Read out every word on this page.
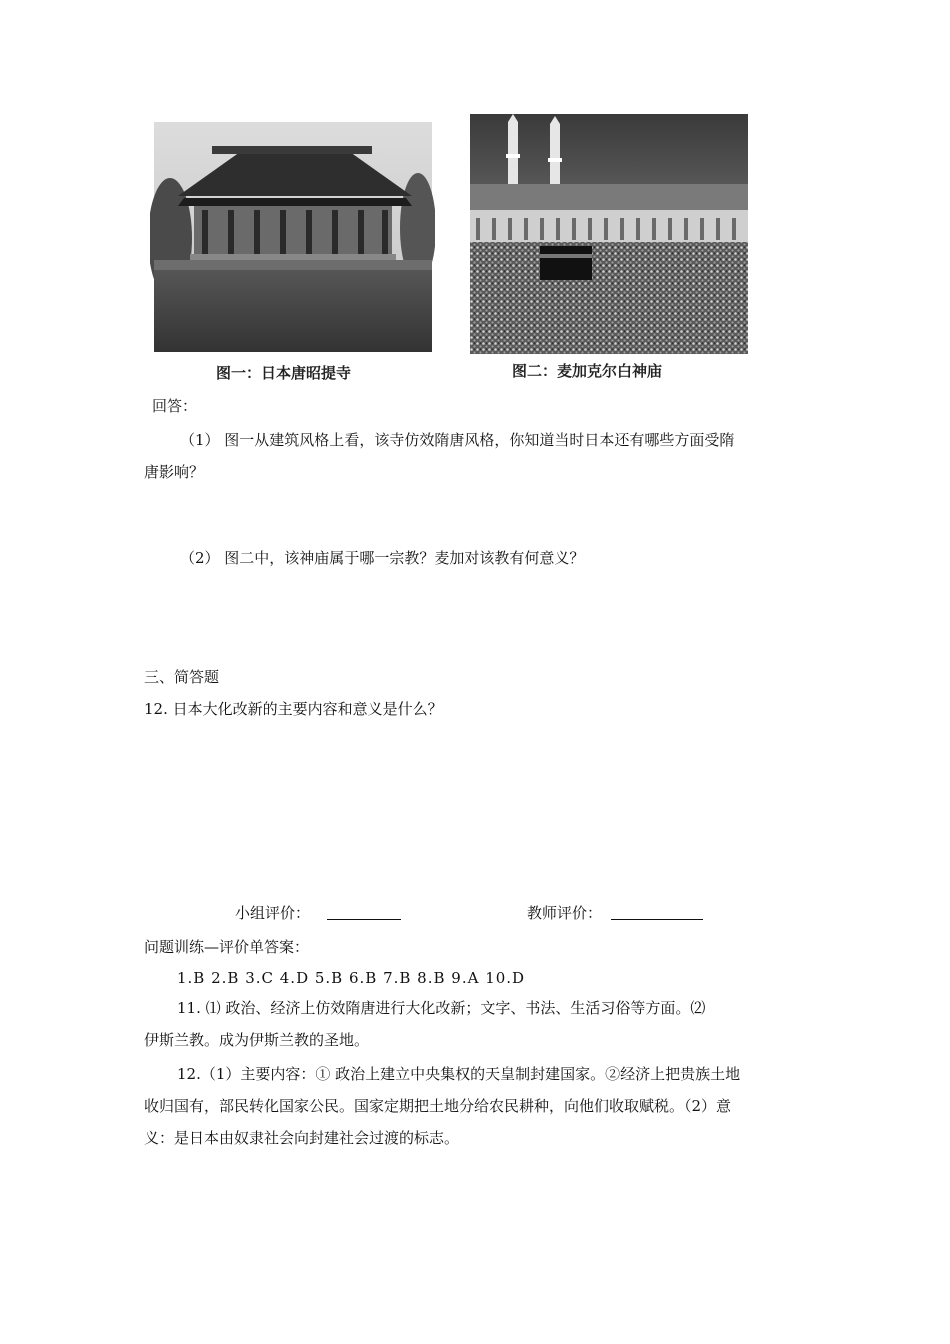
图一：日本唐昭提寺	图二：麦加克尔白神庙
回答：
（1） 图一从建筑风格上看，该寺仿效隋唐风格，你知道当时日本还有哪些方面受隋
唐影响？
（2） 图二中，该神庙属于哪一宗教？麦加对该教有何意义？
三、简答题
12. 日本大化改新的主要内容和意义是什么？
小组评价：	教师评价：
问题训练—评价单答案：
1.B 2.B 3.C 4.D 5.B 6.B 7.B 8.B 9.A 10.D
11. ⑴ 政治、经济上仿效隋唐进行大化改新；文字、书法、生活习俗等方面。⑵
伊斯兰教。成为伊斯兰教的圣地。
12.（1）主要内容：① 政治上建立中央集权的天皇制封建国家。②经济上把贵族土地
收归国有，部民转化国家公民。国家定期把土地分给农民耕种，向他们收取赋税。（2）意
义：是日本由奴隶社会向封建社会过渡的标志。
